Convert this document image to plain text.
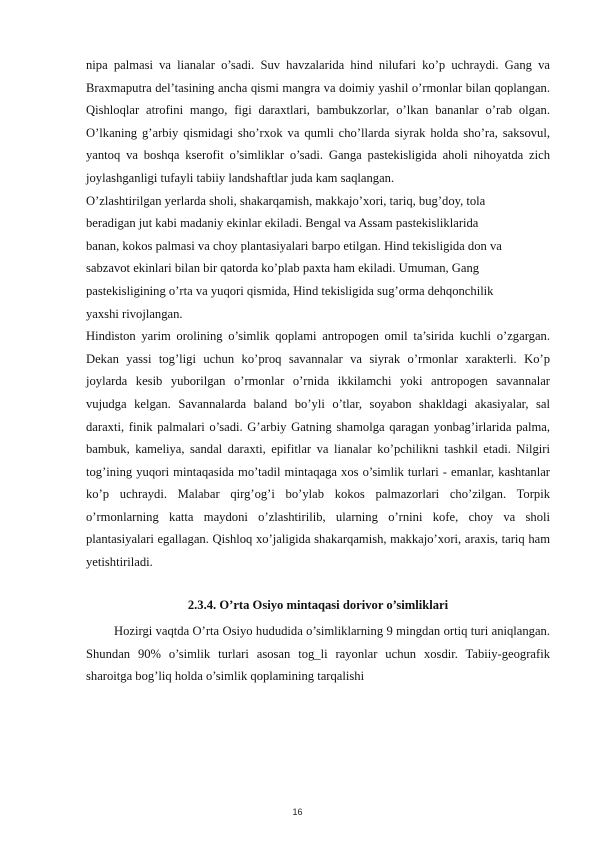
nipa palmasi va lianalar o’sadi. Suv havzalarida hind nilufari ko’p uchraydi. Gang va Braxmaputra del’tasining ancha qismi mangra va doimiy yashil o’rmonlar bilan qoplangan. Qishloqlar atrofini mango, figi daraxtlari, bambukzorlar, o’lkan bananlar o’rab olgan. O’lkaning g’arbiy qismidagi sho’rxok va qumli cho’llarda siyrak holda sho’ra, saksovul, yantoq va boshqa kserofit o’simliklar o’sadi. Ganga pastekisligida aholi nihoyatda zich joylashganligi tufayli tabiiy landshaftlar juda kam saqlangan.

O’zlashtirilgan yerlarda sholi, shakarqamish, makkajo’xori, tariq, bug’doy, tola
beradigan jut kabi madaniy ekinlar ekiladi. Bengal va Assam pastekisliklarida
banan, kokos palmasi va choy plantasiyalari barpo etilgan. Hind tekisligida don va
sabzavot ekinlari bilan bir qatorda ko’plab paxta ham ekiladi. Umuman, Gang
pastekisligining o’rta va yuqori qismida, Hind tekisligida sug’orma dehqonchilik
yaxshi rivojlangan.

Hindiston yarim orolining o’simlik qoplami antropogen omil ta’sirida kuchli o’zgargan. Dekan yassi tog’ligi uchun ko’proq savannalar va siyrak o’rmonlar xarakterli. Ko’p joylarda kesib yuborilgan o’rmonlar o’rnida ikkilamchi yoki antropogen savannalar vujudga kelgan. Savannalarda baland bo’yli o’tlar, soyabon shakldagi akasiyalar, sal daraxti, finik palmalari o’sadi. G’arbiy Gatning shamolga qaragan yonbag’irlarida palma, bambuk, kameliya, sandal daraxti, epifitlar va lianalar ko’pchilikni tashkil etadi. Nilgiri tog’ining yuqori mintaqasida mo’tadil mintaqaga xos o’simlik turlari - emanlar, kashtanlar ko’p uchraydi. Malabar qirg’og’i bo’ylab kokos palmazorlari cho’zilgan. Torpik o’rmonlarning katta maydoni o’zlashtirilib, ularning o’rnini kofe, choy va sholi plantasiyalari egallagan. Qishloq xo’jaligida shakarqamish, makkajo’xori, araxis, tariq ham yetishtiriladi.

2.3.4. O’rta Osiyo mintaqasi dorivor o’simliklari

Hozirgi vaqtda O’rta Osiyo hududida o’simliklarning 9 mingdan ortiq turi aniqlangan. Shundan 90% o’simlik turlari asosan tog_li rayonlar uchun xosdir. Tabiiy-geografik sharoitga bog’liq holda o’simlik qoplamining tarqalishi

16
